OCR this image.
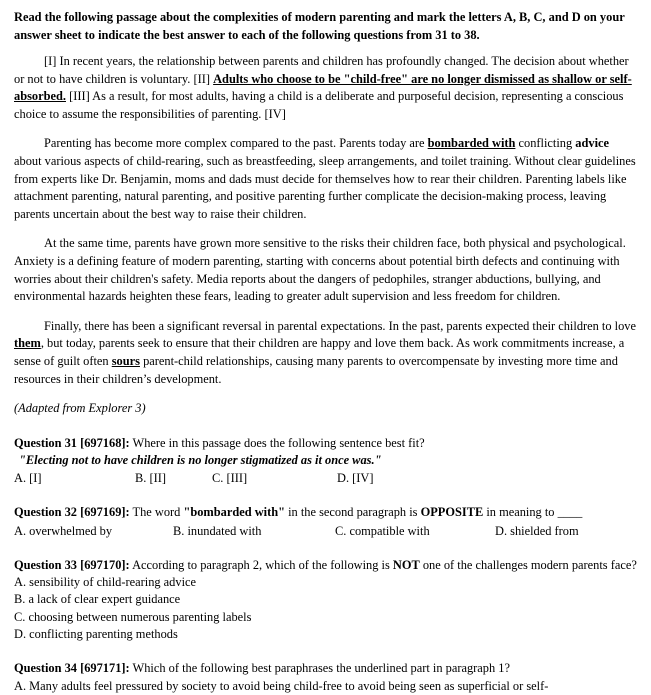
Read the following passage about the complexities of modern parenting and mark the letters A, B, C, and D on your answer sheet to indicate the best answer to each of the following questions from 31 to 38.

[I] In recent years, the relationship between parents and children has profoundly changed. The decision about whether or not to have children is voluntary. [II] Adults who choose to be "child-free" are no longer dismissed as shallow or self-absorbed. [III] As a result, for most adults, having a child is a deliberate and purposeful decision, representing a conscious choice to assume the responsibilities of parenting. [IV]

Parenting has become more complex compared to the past. Parents today are bombarded with conflicting advice about various aspects of child-rearing, such as breastfeeding, sleep arrangements, and toilet training. Without clear guidelines from experts like Dr. Benjamin, moms and dads must decide for themselves how to rear their children. Parenting labels like attachment parenting, natural parenting, and positive parenting further complicate the decision-making process, leaving parents uncertain about the best way to raise their children.

At the same time, parents have grown more sensitive to the risks their children face, both physical and psychological. Anxiety is a defining feature of modern parenting, starting with concerns about potential birth defects and continuing with worries about their children's safety. Media reports about the dangers of pedophiles, stranger abductions, bullying, and environmental hazards heighten these fears, leading to greater adult supervision and less freedom for children.

Finally, there has been a significant reversal in parental expectations. In the past, parents expected their children to love them, but today, parents seek to ensure that their children are happy and love them back. As work commitments increase, a sense of guilt often sours parent-child relationships, causing many parents to overcompensate by investing more time and resources in their children’s development.

(Adapted from Explorer 3)

Question 31 [697168]: Where in this passage does the following sentence best fit?

"Electing not to have children is no longer stigmatized as it once was."

A. [I]	B. [II]	C. [III]	D. [IV]

Question 32 [697169]: The word "bombarded with" in the second paragraph is OPPOSITE in meaning to ____

A. overwhelmed by	B. inundated with	C. compatible with	D. shielded from

Question 33 [697170]: According to paragraph 2, which of the following is NOT one of the challenges modern parents face?

A. sensibility of child-rearing advice
B. a lack of clear expert guidance
C. choosing between numerous parenting labels
D. conflicting parenting methods

Question 34 [697171]: Which of the following best paraphrases the underlined part in paragraph 1?

A. Many adults feel pressured by society to avoid being child-free to avoid being seen as superficial or self-
